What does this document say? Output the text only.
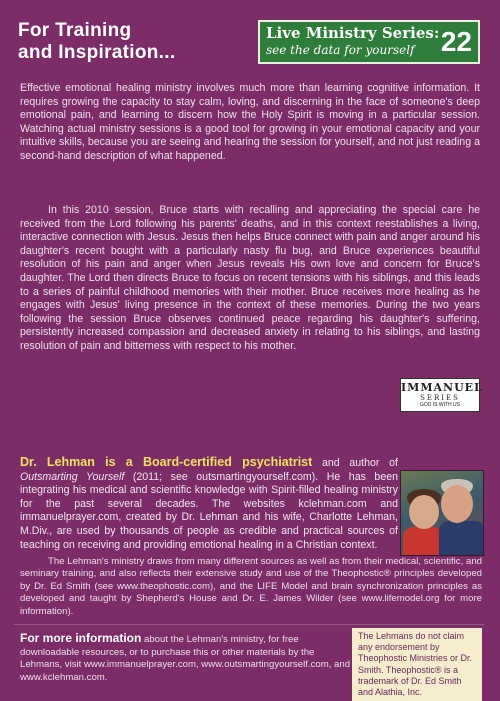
For Training
and Inspiration...
Live Ministry Series:
see the data for yourself 22

Effective emotional healing ministry involves much more than learning cognitive information. It requires growing the capacity to stay calm, loving, and discerning in the face of someone's deep emotional pain, and learning to discern how the Holy Spirit is moving in a particular session. Watching actual ministry sessions is a good tool for growing in your emotional capacity and your intuitive skills, because you are seeing and hearing the session for yourself, and not just reading a second-hand description of what happened.

In this 2010 session, Bruce starts with recalling and appreciating the special care he received from the Lord following his parents' deaths, and in this context reestablishes a living, interactive connection with Jesus. Jesus then helps Bruce connect with pain and anger around his daughter's recent bought with a particularly nasty flu bug, and Bruce experiences beautiful resolution of his pain and anger when Jesus reveals His own love and concern for Bruce's daughter. The Lord then directs Bruce to focus on recent tensions with his siblings, and this leads to a series of painful childhood memories with their mother. Bruce receives more healing as he engages with Jesus' living presence in the context of these memories. During the two years following the session Bruce observes continued peace regarding his daughter's suffering, persistently increased compassion and decreased anxiety in relating to his siblings, and lasting resolution of pain and bitterness with respect to his mother.

IMMANUEL
SERIES
GOD IS WITH US

Dr. Lehman is a Board-certified psychiatrist and author of Outsmarting Yourself (2011; see outsmartingyourself.com). He has been integrating his medical and scientific knowledge with Spirit-filled healing ministry for the past several decades. The websites kclehman.com and immanuelprayer.com, created by Dr. Lehman and his wife, Charlotte Lehman, M.Div., are used by thousands of people as credible and practical sources of teaching on receiving and providing emotional healing in a Christian context.

The Lehman's ministry draws from many different sources as well as from their medical, scientific, and seminary training, and also reflects their extensive study and use of the Theophostic® principles developed by Dr. Ed Smith (see www.theophostic.com), and the LIFE Model and brain synchronization principles as developed and taught by Shepherd's House and Dr. E. James Wilder (see www.lifemodel.org for more information).

For more information about the Lehman's ministry, for free downloadable resources, or to purchase this or other materials by the Lehmans, visit www.immanuelprayer.com, www.outsmartingyourself.com, and www.kclehman.com.

The Lehmans do not claim any endorsement by Theophostic Ministries or Dr. Smith. Theophostic® is a trademark of Dr. Ed Smith and Alathia, Inc.
